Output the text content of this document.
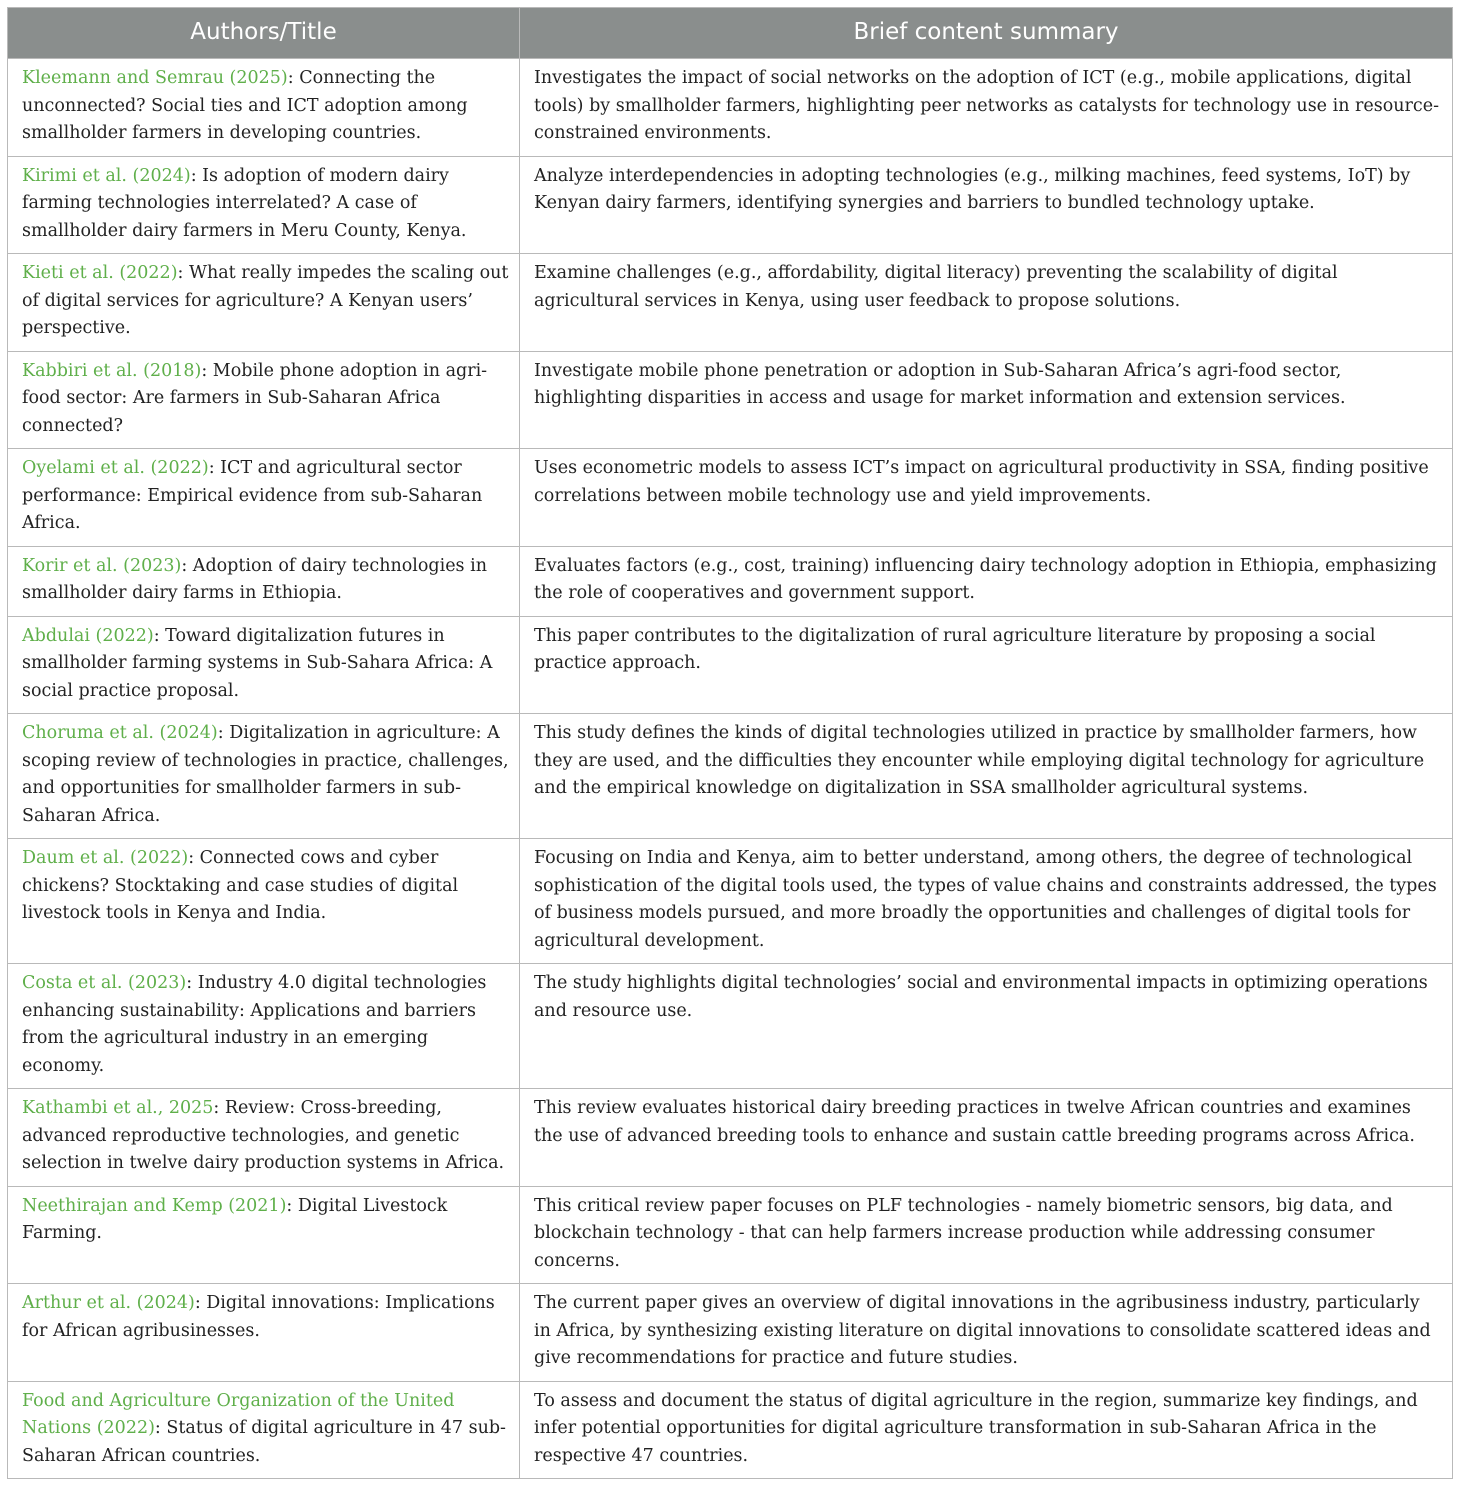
Authors/Title	Brief content summary
Kleemann and Semrau (2025): Connecting the unconnected? Social ties and ICT adoption among smallholder farmers in developing countries.	Investigates the impact of social networks on the adoption of ICT (e.g., mobile applications, digital tools) by smallholder farmers, highlighting peer networks as catalysts for technology use in resource-constrained environments.
Kirimi et al. (2024): Is adoption of modern dairy farming technologies interrelated? A case of smallholder dairy farmers in Meru County, Kenya.	Analyze interdependencies in adopting technologies (e.g., milking machines, feed systems, IoT) by Kenyan dairy farmers, identifying synergies and barriers to bundled technology uptake.
Kieti et al. (2022): What really impedes the scaling out of digital services for agriculture? A Kenyan users’ perspective.	Examine challenges (e.g., affordability, digital literacy) preventing the scalability of digital agricultural services in Kenya, using user feedback to propose solutions.
Kabbiri et al. (2018): Mobile phone adoption in agri-food sector: Are farmers in Sub-Saharan Africa connected?	Investigate mobile phone penetration or adoption in Sub-Saharan Africa’s agri-food sector, highlighting disparities in access and usage for market information and extension services.
Oyelami et al. (2022): ICT and agricultural sector performance: Empirical evidence from sub-Saharan Africa.	Uses econometric models to assess ICT’s impact on agricultural productivity in SSA, finding positive correlations between mobile technology use and yield improvements.
Korir et al. (2023): Adoption of dairy technologies in smallholder dairy farms in Ethiopia.	Evaluates factors (e.g., cost, training) influencing dairy technology adoption in Ethiopia, emphasizing the role of cooperatives and government support.
Abdulai (2022): Toward digitalization futures in smallholder farming systems in Sub-Sahara Africa: A social practice proposal.	This paper contributes to the digitalization of rural agriculture literature by proposing a social practice approach.
Choruma et al. (2024): Digitalization in agriculture: A scoping review of technologies in practice, challenges, and opportunities for smallholder farmers in sub-Saharan Africa.	This study defines the kinds of digital technologies utilized in practice by smallholder farmers, how they are used, and the difficulties they encounter while employing digital technology for agriculture and the empirical knowledge on digitalization in SSA smallholder agricultural systems.
Daum et al. (2022): Connected cows and cyber chickens? Stocktaking and case studies of digital livestock tools in Kenya and India.	Focusing on India and Kenya, aim to better understand, among others, the degree of technological sophistication of the digital tools used, the types of value chains and constraints addressed, the types of business models pursued, and more broadly the opportunities and challenges of digital tools for agricultural development.
Costa et al. (2023): Industry 4.0 digital technologies enhancing sustainability: Applications and barriers from the agricultural industry in an emerging economy.	The study highlights digital technologies’ social and environmental impacts in optimizing operations and resource use.
Kathambi et al., 2025: Review: Cross-breeding, advanced reproductive technologies, and genetic selection in twelve dairy production systems in Africa.	This review evaluates historical dairy breeding practices in twelve African countries and examines the use of advanced breeding tools to enhance and sustain cattle breeding programs across Africa.
Neethirajan and Kemp (2021): Digital Livestock Farming.	This critical review paper focuses on PLF technologies - namely biometric sensors, big data, and blockchain technology - that can help farmers increase production while addressing consumer concerns.
Arthur et al. (2024): Digital innovations: Implications for African agribusinesses.	The current paper gives an overview of digital innovations in the agribusiness industry, particularly in Africa, by synthesizing existing literature on digital innovations to consolidate scattered ideas and give recommendations for practice and future studies.
Food and Agriculture Organization of the United Nations (2022): Status of digital agriculture in 47 sub-Saharan African countries.	To assess and document the status of digital agriculture in the region, summarize key findings, and infer potential opportunities for digital agriculture transformation in sub-Saharan Africa in the respective 47 countries.
